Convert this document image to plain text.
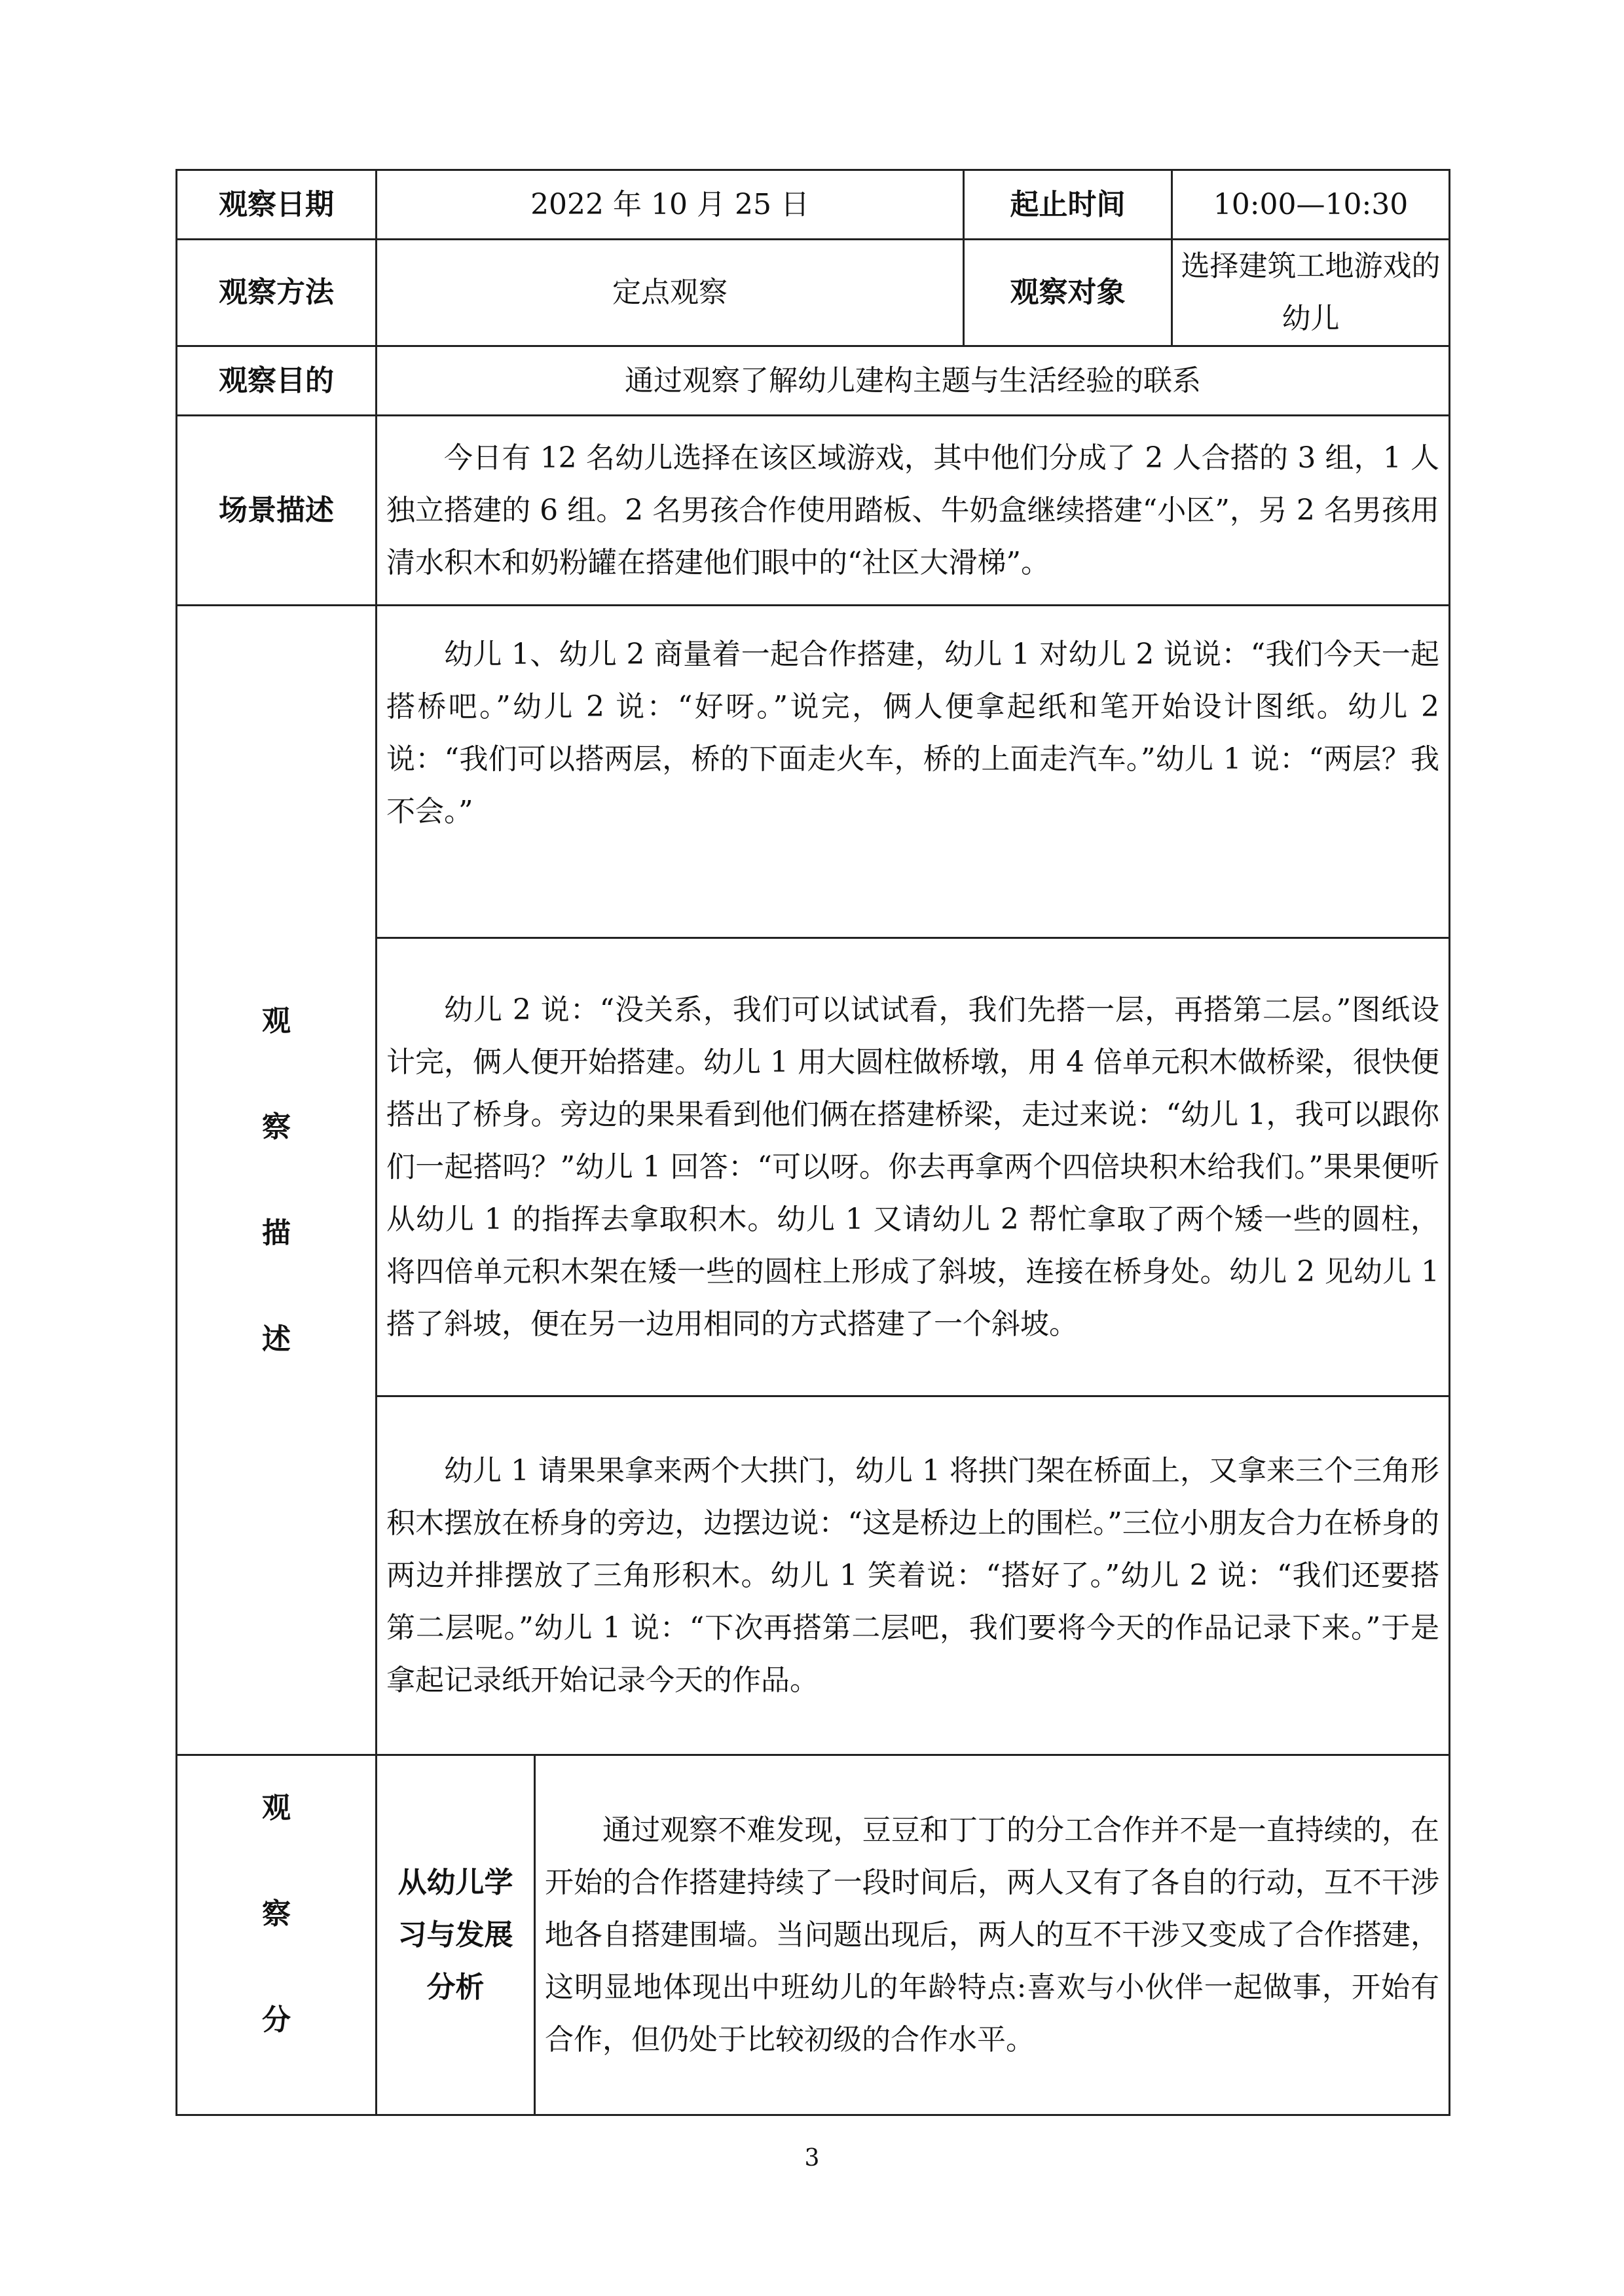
观察日期	2022 年 10 月 25 日		起止时间	10:00—10:30
观察方法	定点观察		观察对象	选择建筑工地游戏的幼儿
观察目的	通过观察了解幼儿建构主题与生活经验的联系			
场景描述	今日有 12 名幼儿选择在该区域游戏，其中他们分成了 2 人合搭的 3 组，1 人独立搭建的 6 组。2 名男孩合作使用踏板、牛奶盒继续搭建“小区”，另 2 名男孩用清水积木和奶粉罐在搭建他们眼中的“社区大滑梯”。			

观
察
描
述	幼儿 1、幼儿 2 商量着一起合作搭建，幼儿 1 对幼儿 2 说说：“我们今天一起搭桥吧。”幼儿 2 说：“好呀。”说完，俩人便拿起纸和笔开始设计图纸。幼儿 2 说：“我们可以搭两层，桥的下面走火车，桥的上面走汽车。”幼儿 1 说：“两层？我不会。”			
	幼儿 2 说：“没关系，我们可以试试看，我们先搭一层，再搭第二层。”图纸设计完，俩人便开始搭建。幼儿 1 用大圆柱做桥墩，用 4 倍单元积木做桥梁，很快便搭出了桥身。旁边的果果看到他们俩在搭建桥梁，走过来说：“幼儿 1，我可以跟你们一起搭吗？”幼儿 1 回答：“可以呀。你去再拿两个四倍块积木给我们。”果果便听从幼儿 1 的指挥去拿取积木。幼儿 1 又请幼儿 2 帮忙拿取了两个矮一些的圆柱，将四倍单元积木架在矮一些的圆柱上形成了斜坡，连接在桥身处。幼儿 2 见幼儿 1 搭了斜坡，便在另一边用相同的方式搭建了一个斜坡。			
	幼儿 1 请果果拿来两个大拱门，幼儿 1 将拱门架在桥面上，又拿来三个三角形积木摆放在桥身的旁边，边摆边说：“这是桥边上的围栏。”三位小朋友合力在桥身的两边并排摆放了三角形积木。幼儿 1 笑着说：“搭好了。”幼儿 2 说：“我们还要搭第二层呢。”幼儿 1 说：“下次再搭第二层吧，我们要将今天的作品记录下来。”于是拿起记录纸开始记录今天的作品。			

观
察
分	从幼儿学习与发展分析	通过观察不难发现，豆豆和丁丁的分工合作并不是一直持续的，在开始的合作搭建持续了一段时间后，两人又有了各自的行动，互不干涉地各自搭建围墙。当问题出现后，两人的互不干涉又变成了合作搭建，这明显地体现出中班幼儿的年龄特点:喜欢与小伙伴一起做事，开始有合作，但仍处于比较初级的合作水平。		
3
